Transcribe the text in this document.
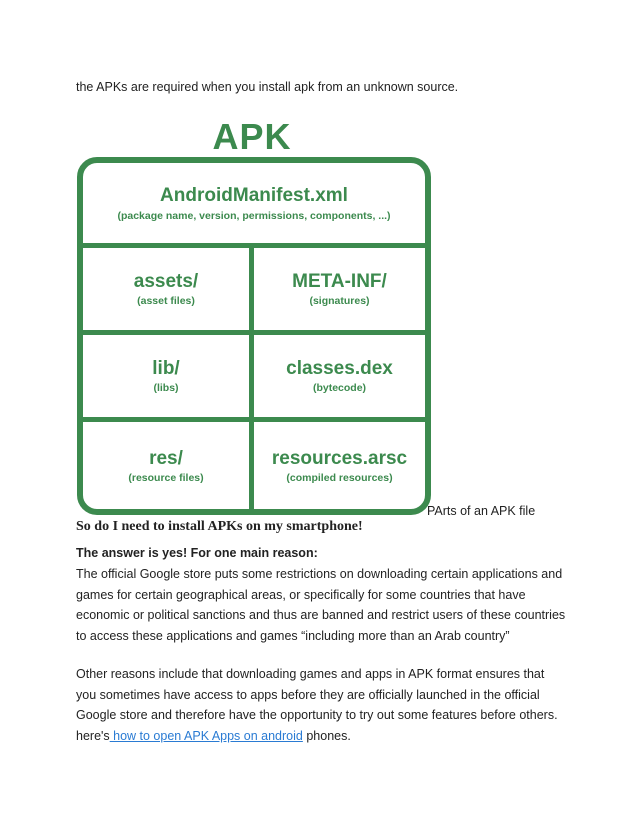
the APKs are required when you install apk from an unknown source.
APK
AndroidManifest.xml
(package name, version, permissions, components, ...)
assets/
(asset files)
META-INF/
(signatures)
lib/
(libs)
classes.dex
(bytecode)
res/
(resource files)
resources.arsc
(compiled resources)
PArts of an APK file
So do I need to install APKs on my smartphone!
The answer is yes! For one main reason:
The official Google store puts some restrictions on downloading certain applications and games for certain geographical areas, or specifically for some countries that have economic or political sanctions and thus are banned and restrict users of these countries to access these applications and games “including more than an Arab country”
Other reasons include that downloading games and apps in APK format ensures that you sometimes have access to apps before they are officially launched in the official Google store and therefore have the opportunity to try out some features before others. here's how to open APK Apps on android phones.
